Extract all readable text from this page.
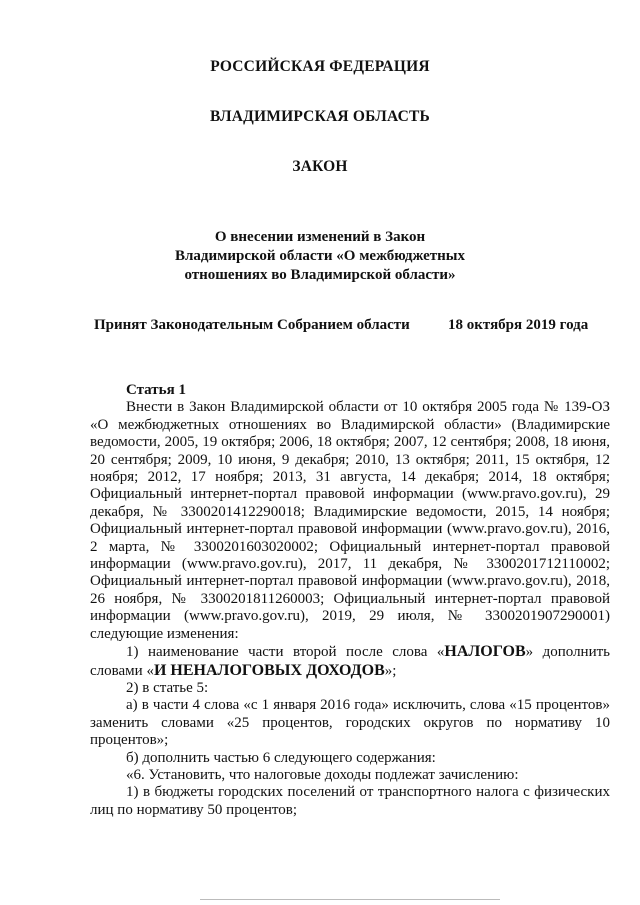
РОССИЙСКАЯ ФЕДЕРАЦИЯ
ВЛАДИМИРСКАЯ ОБЛАСТЬ
ЗАКОН
О внесении изменений в Закон
Владимирской области «О межбюджетных
отношениях во Владимирской области»
Принят Законодательным Собранием области	18 октября 2019 года

Статья 1

Внести в Закон Владимирской области от 10 октября 2005 года № 139-ОЗ «О межбюджетных отношениях во Владимирской области» (Владимирские ведомости, 2005, 19 октября; 2006, 18 октября; 2007, 12 сентября; 2008, 18 июня, 20 сентября; 2009, 10 июня, 9 декабря; 2010, 13 октября; 2011, 15 октября, 12 ноября; 2012, 17 ноября; 2013, 31 августа, 14 декабря; 2014, 18 октября; Официальный интернет-портал правовой информации (www.pravo.gov.ru), 29 декабря, № 3300201412290018; Владимирские ведомости, 2015, 14 ноября; Официальный интернет-портал правовой информации (www.pravo.gov.ru), 2016, 2 марта, № 3300201603020002; Официальный интернет-портал правовой информации (www.pravo.gov.ru), 2017, 11 декабря, № 3300201712110002; Официальный интернет-портал правовой информации (www.pravo.gov.ru), 2018, 26 ноября, № 3300201811260003; Официальный интернет-портал правовой информации (www.pravo.gov.ru), 2019, 29 июля, № 3300201907290001) следующие изменения:

1) наименование части второй после слова «НАЛОГОВ» дополнить словами «И НЕНАЛОГОВЫХ ДОХОДОВ»;

2) в статье 5:

а) в части 4 слова «с 1 января 2016 года» исключить, слова «15 процентов» заменить словами «25 процентов, городских округов по нормативу 10 процентов»;

б) дополнить частью 6 следующего содержания:

«6. Установить, что налоговые доходы подлежат зачислению:

1) в бюджеты городских поселений от транспортного налога с физических лиц по нормативу 50 процентов;
